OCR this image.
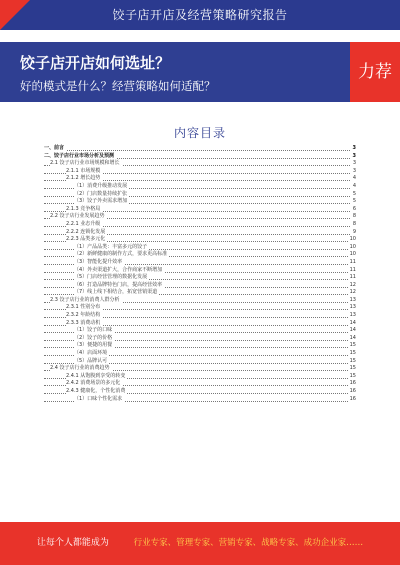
饺子店开店及经营策略研究报告
饺子店开店如何选址？
好的模式是什么？经营策略如何适配？
力荐
内容目录
一、前言	3
二、饺子店行业市场分析及预测	3
2.1 饺子店行业市场规模和增长	3
2.1.1 市场规模	3
2.1.2 增长趋势	4
（1）消费升级推动发展	4
（2）门店数量持续扩张	5
（3）饺子外卖需求增加	5
2.1.3 竞争格局	6
2.2 饺子店行业发展趋势	8
2.2.1 业态升级	8
2.2.2 连锁化发展	9
2.2.3 品类多元化	10
（1）产品品类：丰富多元的饺子	10
（2）新鲜健康的制作方式，要求更高标准	10
（3）智能化提升效率	11
（4）外卖渠道扩大，合作商家不断增加	11
（5）门店经营管理的数据化发展	11
（6）打造品牌特色门店，提高经营效率	12
（7）线上线下相结合，拓宽营销渠道	12
2.3 饺子店行业的消费人群分析	13
2.3.1 性别分布	13
2.3.2 年龄结构	13
2.3.3 消费动机	14
（1）饺子的口味	14
（2）饺子的价格	14
（3）便捷的用餐	15
（4）店面环境	15
（5）品牌认可	15
2.4 饺子店行业的消费趋势	15
2.4.1 从饱腹到享受的转变	15
2.4.2 消费场景的多元化	16
2.4.3 健康化，个性化消费	16
（1）口味个性化需求	16
让每个人都能成为	行业专家、管理专家、营销专家、战略专家、成功企业家……
